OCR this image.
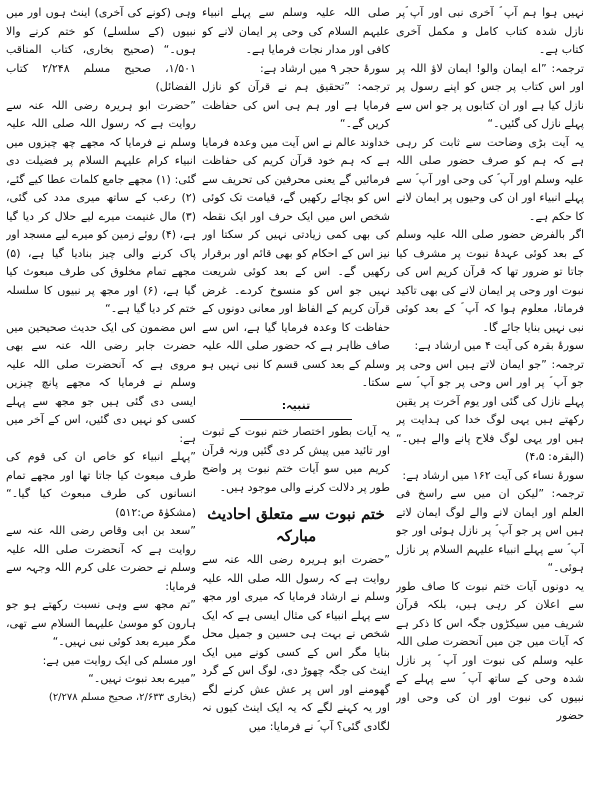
نہیں ہوا ہم آپ ؐ آخری نبی اور آپ ؐپر نازل شدہ کتاب کامل و مکمل آخری کتاب ہے۔

ترجمہ: ”اے ایمان والو! ایمان لاؤ اللہ پر اور اس کتاب پر جس کو اپنے رسول پر نازل کیا ہے اور ان کتابوں پر جو اس سے پہلے نازل کی گئیں۔“

یہ آیت بڑی وضاحت سے ثابت کر رہی ہے کہ ہم کو صرف حضور صلی اللہ علیہ وسلم اور آپ ؐ کی وحی اور آپ ؐ سے پہلے انبیاء اور ان کی وحیوں پر ایمان لانے کا حکم ہے۔

اگر بالفرض حضور صلی اللہ علیہ وسلم کے بعد کوئی عہدۂ نبوت پر مشرف کیا جاتا تو ضرور تھا کہ قرآن کریم اس کی نبوت اور وحی پر ایمان لانے کی بھی تاکید فرماتا، معلوم ہوا کہ آپ ؐ کے بعد کوئی نبی نہیں بنایا جائے گا۔

سورۂ بقرہ کی آیت ۴ میں ارشاد ہے:

ترجمہ: ”جو ایمان لاتے ہیں اس وحی پر جو آپ ؐ پر اور اس وحی پر جو آپ ؐ سے پہلے نازل کی گئی اور یوم آخرت پر یقین رکھتے ہیں یہی لوگ خدا کی ہدایت پر ہیں اور یہی لوگ فلاح پانے والے ہیں۔“ (البقرہ: ۴،۵)

سورۂ نساء کی آیت ۱۶۲ میں ارشاد ہے:

ترجمہ: ”لیکن ان میں سے راسخ فی العلم اور ایمان لانے والے لوگ ایمان لاتے ہیں اس پر جو آپ ؐ پر نازل ہوئی اور جو آپ ؐ سے پہلے انبیاء علیہم السلام پر نازل ہوئی۔“

یہ دونوں آیات ختم نبوت کا صاف طور سے اعلان کر رہی ہیں، بلکہ قرآن شریف میں سیکڑوں جگہ اس کا ذکر ہے کہ آیات میں جن میں آنحضرت صلی اللہ علیہ وسلم کی نبوت اور آپ ؐ پر نازل شدہ وحی کے ساتھ آپ ؐ سے پہلے کے نبیوں کی نبوت اور ان کی وحی اور حضور

صلی اللہ علیہ وسلم سے پہلے انبیاء علیہم السلام کی وحی پر ایمان لانے کو کافی اور مدار نجات فرمایا ہے۔

سورۂ حجر ۹ میں ارشاد ہے:

ترجمہ: ”تحقیق ہم نے قرآن کو نازل فرمایا ہے اور ہم ہی اس کی حفاظت کریں گے۔“

خداوند عالم نے اس آیت میں وعدہ فرمایا ہے کہ ہم خود قرآن کریم کی حفاظت فرمائیں گے یعنی محرفین کی تحریف سے اس کو بچائے رکھیں گے، قیامت تک کوئی شخص اس میں ایک حرف اور ایک نقطہ کی بھی کمی زیادتی نہیں کر سکتا اور نیز اس کے احکام کو بھی قائم اور برقرار رکھیں گے۔ اس کے بعد کوئی شریعت نہیں جو اس کو منسوخ کردے۔ غرض قرآن کریم کے الفاظ اور معانی دونوں کے حفاظت کا وعدہ فرمایا گیا ہے، اس سے صاف ظاہر ہے کہ حضور صلی اللہ علیہ وسلم کے بعد کسی قسم کا نبی نہیں ہو سکتا۔

تنبیہ:

یہ آیات بطور اختصار ختم نبوت کے ثبوت اور تائید میں پیش کر دی گئیں ورنہ قرآن کریم میں سو آیات ختم نبوت پر واضح طور پر دلالت کرنے والی موجود ہیں۔

ختم نبوت سے متعلق احادیث مبارکہ

”حضرت ابو ہریرہ رضی اللہ عنہ سے روایت ہے کہ رسول اللہ صلی اللہ علیہ وسلم نے ارشاد فرمایا کہ میری اور مجھ سے پہلے انبیاء کی مثال ایسی ہے کہ ایک شخص نے بہت ہی حسین و جمیل محل بنایا مگر اس کے کسی کونے میں ایک اینٹ کی جگہ چھوڑ دی، لوگ اس کے گرد گھومنے اور اس پر عش عش کرنے لگے اور یہ کہنے لگے کہ یہ ایک اینٹ کیوں نہ لگادی گئی؟ آپ ؐ نے فرمایا: میں

وہی (کونے کی آخری) اینٹ ہوں اور میں نبیوں (کے سلسلے) کو ختم کرنے والا ہوں۔“ (صحیح بخاری، کتاب المناقب ۱/۵۰۱، صحیح مسلم ۲/۲۴۸ کتاب الفضائل)

”حضرت ابو ہریرہ رضی اللہ عنہ سے روایت ہے کہ رسول اللہ صلی اللہ علیہ وسلم نے فرمایا کہ مجھے چھ چیزوں میں انبیاء کرام علیہم السلام پر فضیلت دی گئی: (۱) مجھے جامع کلمات عطا کیے گئے، (۲) رعب کے ساتھ میری مدد کی گئی، (۳) مال غنیمت میرے لیے حلال کر دیا گیا ہے، (۴) روئے زمین کو میرے لیے مسجد اور پاک کرنے والی چیز بنادیا گیا ہے، (۵) مجھے تمام مخلوق کی طرف مبعوث کیا گیا ہے، (۶) اور مجھ پر نبیوں کا سلسلہ ختم کر دیا گیا ہے۔“

اس مضمون کی ایک حدیث صحیحین میں حضرت جابر رضی اللہ عنہ سے بھی مروی ہے کہ آنحضرت صلی اللہ علیہ وسلم نے فرمایا کہ مجھے پانچ چیزیں ایسی دی گئی ہیں جو مجھ سے پہلے کسی کو نہیں دی گئیں، اس کے آخر میں ہے:

”پہلے انبیاء کو خاص ان کی قوم کی طرف مبعوث کیا جاتا تھا اور مجھے تمام انسانوں کی طرف مبعوث کیا گیا۔“ (مشکوٰۃ ص:۵۱۲)

”سعد بن ابی وقاص رضی اللہ عنہ سے روایت ہے کہ آنحضرت صلی اللہ علیہ وسلم نے حضرت علی کرم اللہ وجہہ سے فرمایا:

”تم مجھ سے وہی نسبت رکھتے ہو جو ہارون کو موسیٰ علیہما السلام سے تھی، مگر میرے بعد کوئی نبی نہیں۔“

اور مسلم کی ایک روایت میں ہے:

”میرے بعد نبوت نہیں۔“

(بخاری ۲/۶۳۳، صحیح مسلم ۲/۲۷۸)
